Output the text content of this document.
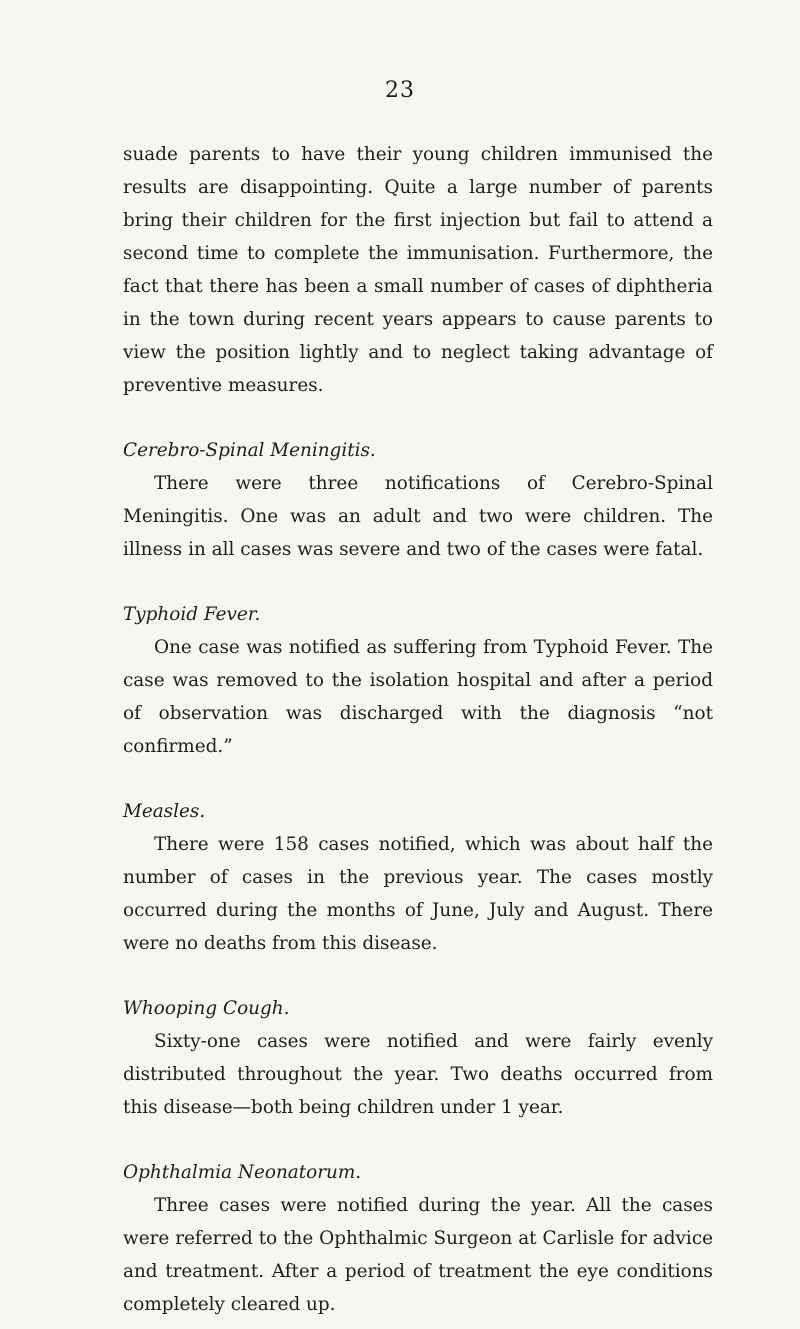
23

suade parents to have their young children immunised the results are disappointing. Quite a large number of parents bring their children for the first injection but fail to attend a second time to complete the immunisation. Furthermore, the fact that there has been a small number of cases of diphtheria in the town during recent years appears to cause parents to view the position lightly and to neglect taking advantage of preventive measures.

Cerebro-Spinal Meningitis.

There were three notifications of Cerebro-Spinal Meningitis. One was an adult and two were children. The illness in all cases was severe and two of the cases were fatal.

Typhoid Fever.

One case was notified as suffering from Typhoid Fever. The case was removed to the isolation hospital and after a period of observation was discharged with the diagnosis “not confirmed.”

Measles.

There were 158 cases notified, which was about half the number of cases in the previous year. The cases mostly occurred during the months of June, July and August. There were no deaths from this disease.

Whooping Cough.

Sixty-one cases were notified and were fairly evenly distributed throughout the year. Two deaths occurred from this disease—both being children under 1 year.

Ophthalmia Neonatorum.

Three cases were notified during the year. All the cases were referred to the Ophthalmic Surgeon at Carlisle for advice and treatment. After a period of treatment the eye conditions completely cleared up.
